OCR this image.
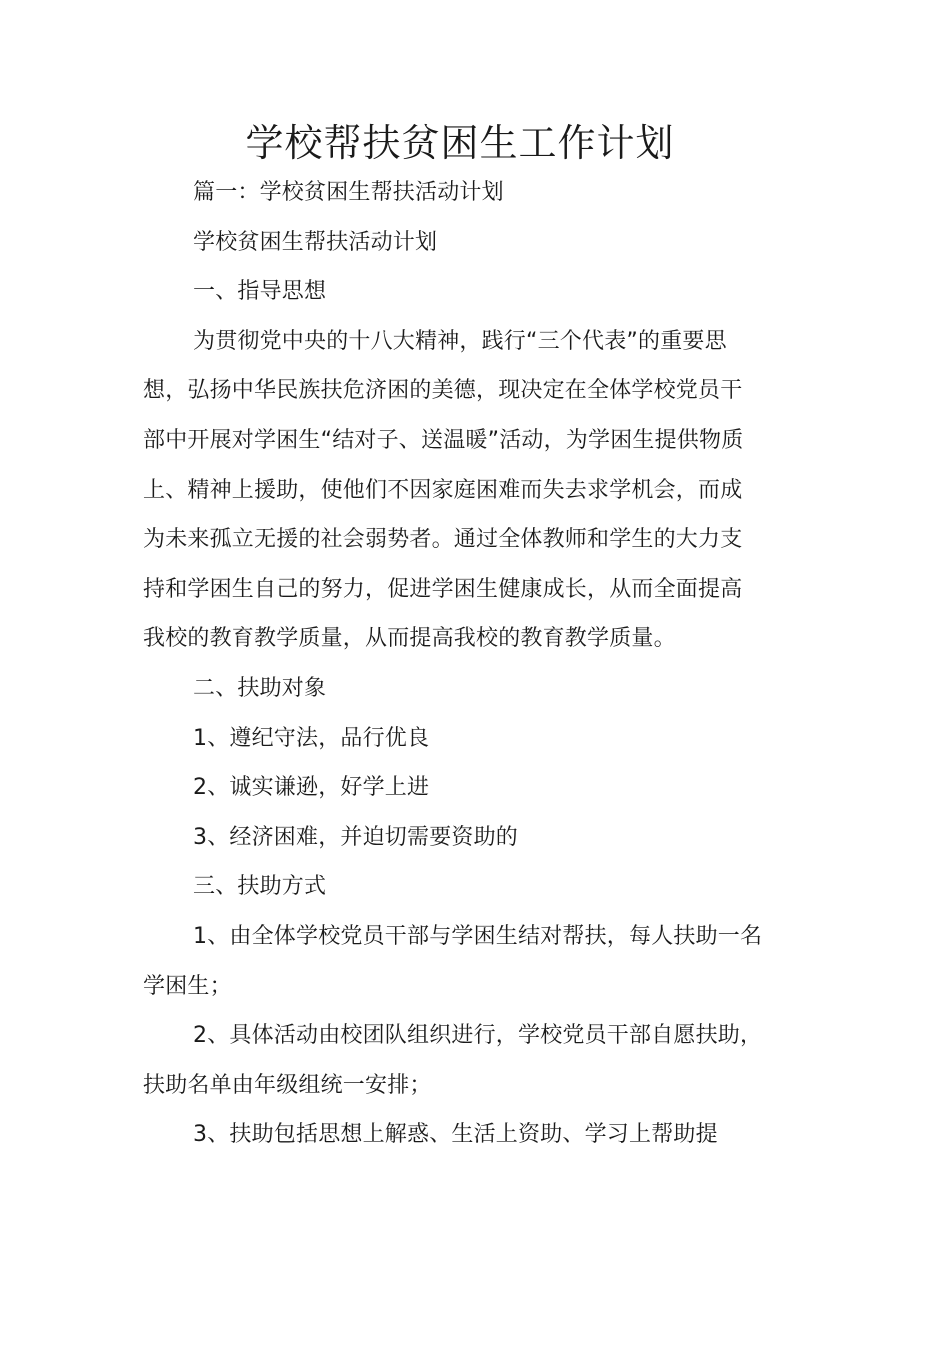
学校帮扶贫困生工作计划

篇一：学校贫困生帮扶活动计划

学校贫困生帮扶活动计划

一、指导思想

为贯彻党中央的十八大精神，践行“三个代表”的重要思想，弘扬中华民族扶危济困的美德，现决定在全体学校党员干部中开展对学困生“结对子、送温暖”活动，为学困生提供物质上、精神上援助，使他们不因家庭困难而失去求学机会，而成为未来孤立无援的社会弱势者。通过全体教师和学生的大力支持和学困生自己的努力，促进学困生健康成长，从而全面提高我校的教育教学质量，从而提高我校的教育教学质量。

二、扶助对象

1、遵纪守法，品行优良

2、诚实谦逊，好学上进

3、经济困难，并迫切需要资助的

三、扶助方式

1、由全体学校党员干部与学困生结对帮扶，每人扶助一名学困生；

2、具体活动由校团队组织进行，学校党员干部自愿扶助，扶助名单由年级组统一安排；

3、扶助包括思想上解惑、生活上资助、学习上帮助提
